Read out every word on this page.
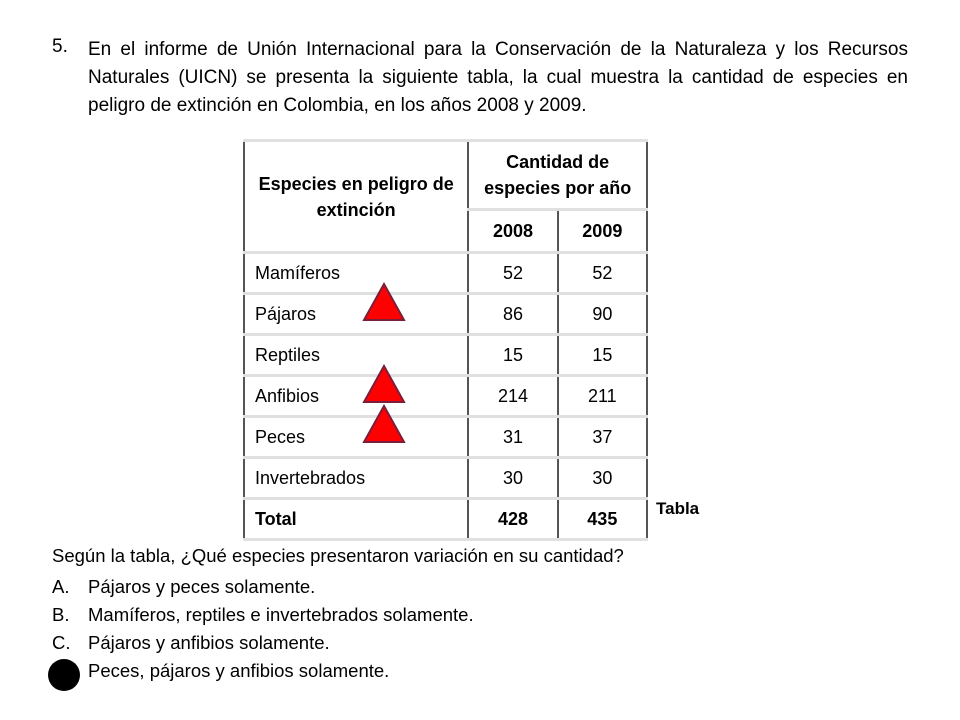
5. En el informe de Unión Internacional para la Conservación de la Naturaleza y los Recursos Naturales (UICN) se presenta la siguiente tabla, la cual muestra la cantidad de especies en peligro de extinción en Colombia, en los años 2008 y 2009.
Especies en peligro de extinción	Cantidad de especies por año	
	2008	2009
Mamíferos	52	52
Pájaros	86	90
Reptiles	15	15
Anfibios	214	211
Peces	31	37
Invertebrados	30	30
Total	428	435 Tabla
Según la tabla, ¿Qué especies presentaron variación en su cantidad?
A.	Pájaros y peces solamente.
B.	Mamíferos, reptiles e invertebrados solamente.
C. Pájaros y anfibios solamente.
Peces, pájaros y anfibios solamente.
